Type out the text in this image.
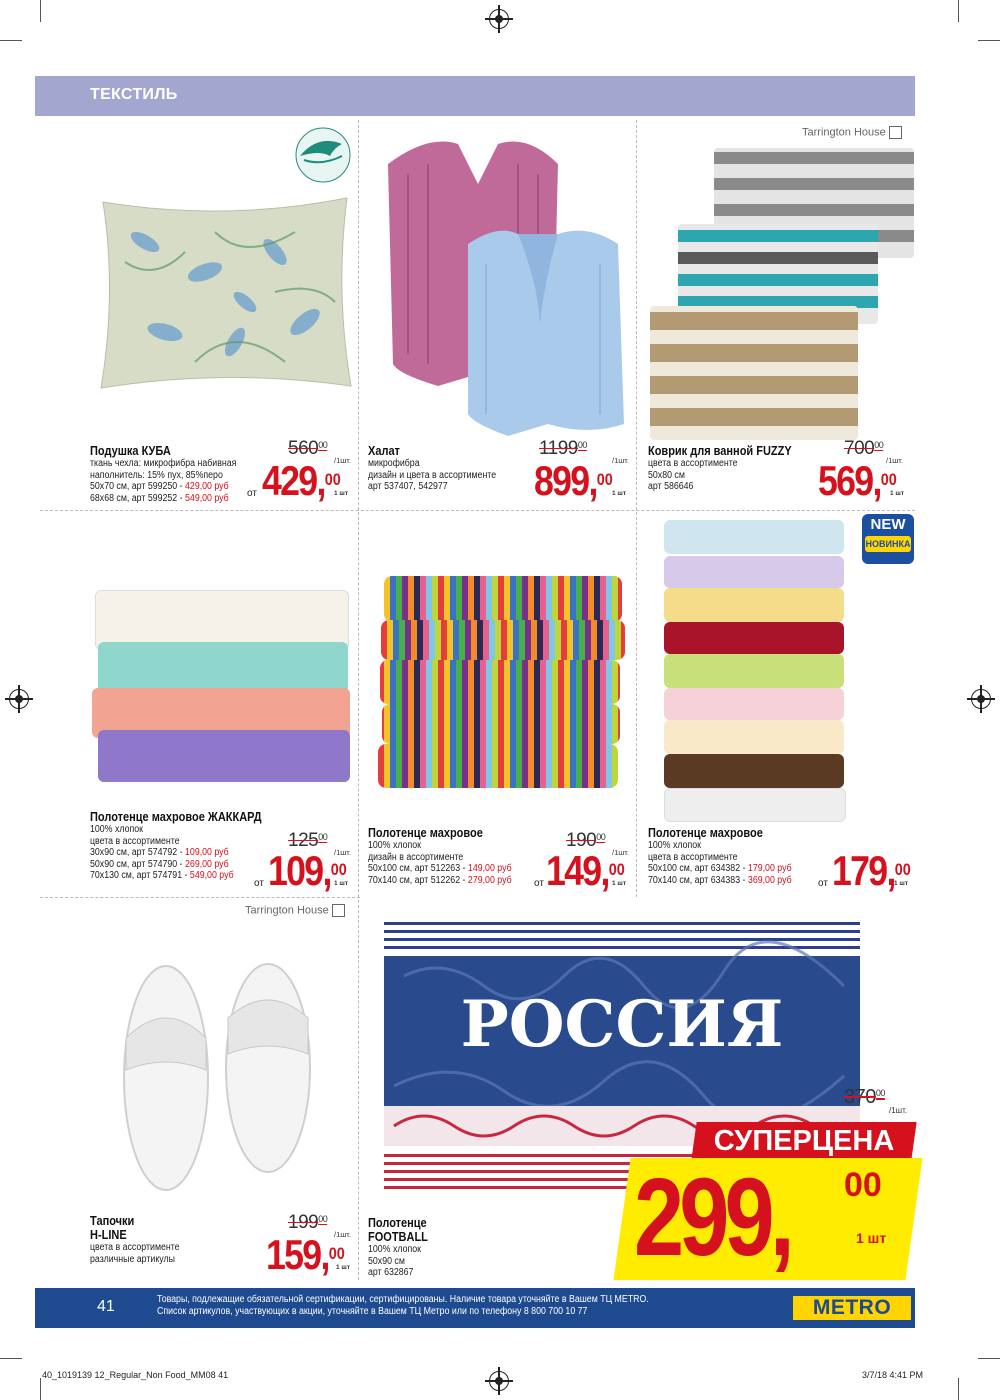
ТЕКСТИЛЬ
Подушка КУБА
ткань чехла: микрофибра набивная
наполнитель: 15% пух, 85%перо
50x70 см, арт 599250 - 429,00 руб
68x68 см, арт 599252 - 549,00 руб
$560^{00}$
/1шт.
от 429,00
1 шт
Халат
микрофибра
дизайн и цвета в ассортименте
арт 537407, 542977
1199$^{00}$
/1шт.
899,00
1 шт
Tarrington House
Коврик для ванной FUZZY
цвета в ассортименте
50x80 см
арт 586646
$700^{00}$
/1шт.
569,00
1 шт
Полотенце махровое ЖАККАРД
100% хлопок
цвета в ассортименте
30x90 см, арт 574792 - 109,00 руб
50x90 см, арт 574790 - 269,00 руб
70x130 см, арт 574791 - 549,00 руб
$125^{00}$
/1шт.
от 109,00
1 шт
Полотенце махровое
100% хлопок
дизайн в ассортименте
50x100 см, арт 512263 - 149,00 руб
70x140 см, арт 512262 - 279,00 руб
$190^{00}$
/1шт.
от 149,00
1 шт
NEW
НОВИНКА
Полотенце махровое
100% хлопок
цвета в ассортименте
50x100 см, арт 634382 - 179,00 руб
70x140 см, арт 634383 - 369,00 руб	от 179,00
1 шт
Tarrington House
Тапочки
H-LINE
цвета в ассортименте
различные артикулы
$199^{00}$
/1шт.
159,00
1 шт
РОССИЯ
Полотенце
FOOTBALL
100% хлопок
50x90 см
арт 632867
$370^{00}$
/1шт.
СУПЕРЦЕНА
299, 00
1 шт
41	Товары, подлежащие обязательной сертификации, сертифицированы. Наличие товара уточняйте в Вашем ТЦ METRO.
Список артикулов, участвующих в акции, уточняйте в Вашем ТЦ Метро или по телефону 8 800 700 10 77	METRO
40_1019139 12_Regular_Non Food_MM08 41	3/7/18 4:41 PM
